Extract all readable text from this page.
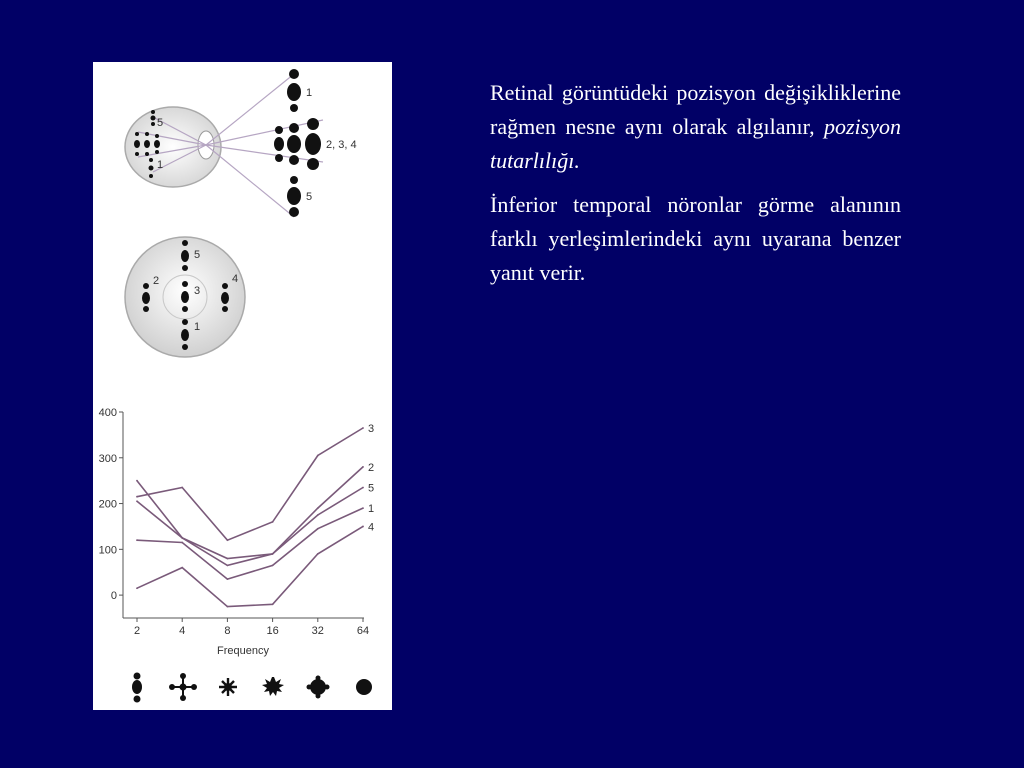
5
1
1
2, 3, 4
5
5
2
3
4
1
0
100
200
300
400
2	4	8	16	32	64
3
2
5
1
4
Frequency

Retinal görüntüdeki pozisyon değişikliklerine rağmen nesne aynı olarak algılanır, pozisyon tutarlılığı.

İnferior temporal nöronlar görme alanının farklı yerleşimlerindeki aynı uyarana benzer yanıt verir.
